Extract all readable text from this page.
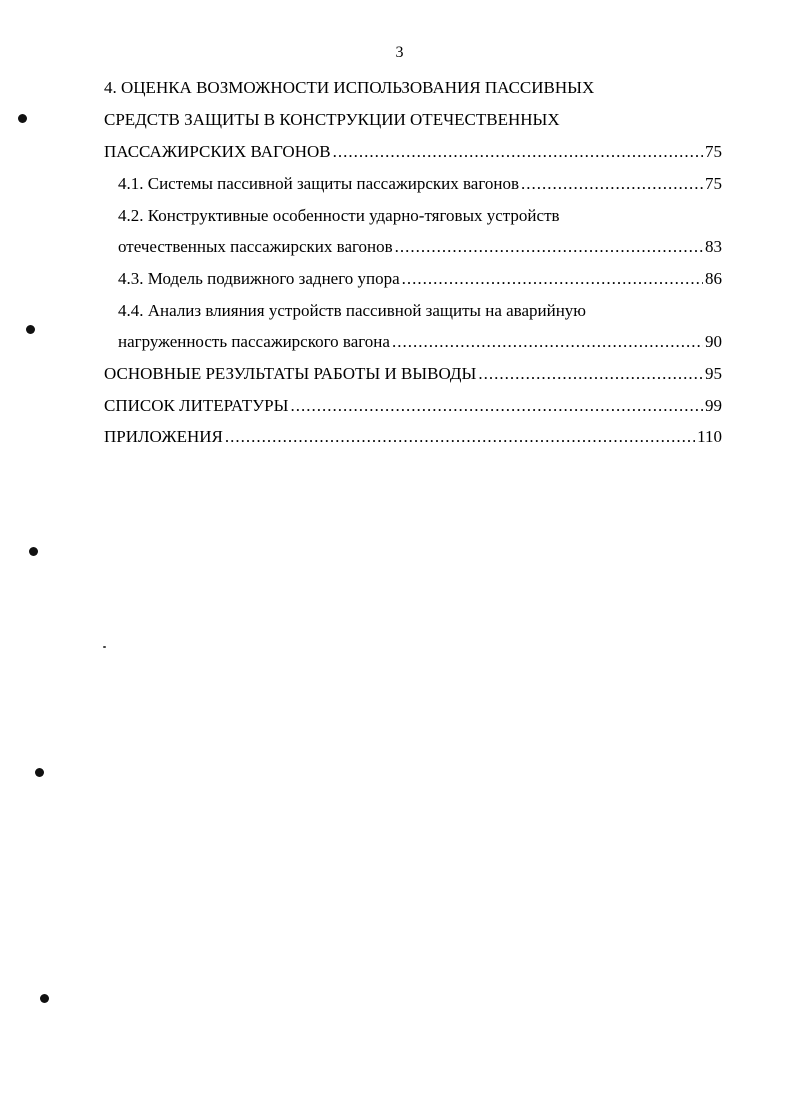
3
4. ОЦЕНКА ВОЗМОЖНОСТИ ИСПОЛЬЗОВАНИЯ ПАССИВНЫХ
СРЕДСТВ ЗАЩИТЫ В КОНСТРУКЦИИ ОТЕЧЕСТВЕННЫХ
ПАССАЖИРСКИХ ВАГОНОВ .....	75
4.1. Системы пассивной защиты пассажирских вагонов .....	75
4.2. Конструктивные особенности ударно-тяговых устройств
отечественных пассажирских вагонов .....	83
4.3. Модель подвижного заднего упора .....	86
4.4. Анализ влияния устройств пассивной защиты на аварийную
нагруженность пассажирского вагона .....	90
ОСНОВНЫЕ РЕЗУЛЬТАТЫ РАБОТЫ И ВЫВОДЫ .....	95
СПИСОК ЛИТЕРАТУРЫ .....	99
ПРИЛОЖЕНИЯ .....	110
